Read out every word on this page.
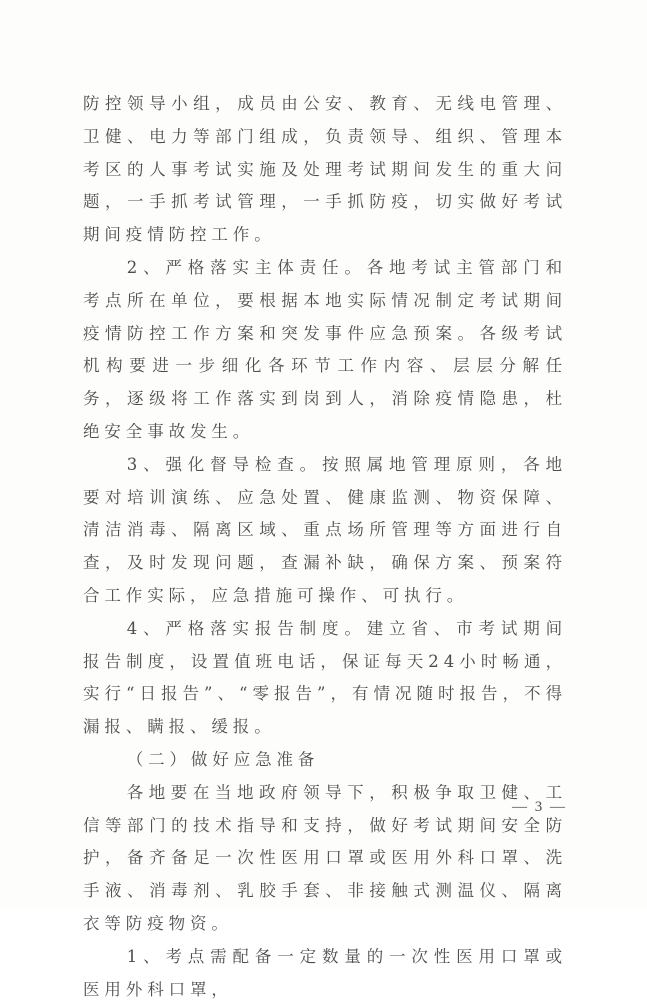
防控领导小组，成员由公安、教育、无线电管理、卫健、电力等部门组成，负责领导、组织、管理本考区的人事考试实施及处理考试期间发生的重大问题，一手抓考试管理，一手抓防疫，切实做好考试期间疫情防控工作。

2、严格落实主体责任。各地考试主管部门和考点所在单位，要根据本地实际情况制定考试期间疫情防控工作方案和突发事件应急预案。各级考试机构要进一步细化各环节工作内容、层层分解任务，逐级将工作落实到岗到人，消除疫情隐患，杜绝安全事故发生。

3、强化督导检查。按照属地管理原则，各地要对培训演练、应急处置、健康监测、物资保障、清洁消毒、隔离区域、重点场所管理等方面进行自查，及时发现问题，查漏补缺，确保方案、预案符合工作实际，应急措施可操作、可执行。

4、严格落实报告制度。建立省、市考试期间报告制度，设置值班电话，保证每天24小时畅通，实行“日报告”、“零报告”，有情况随时报告，不得漏报、瞒报、缓报。

（二）做好应急准备

各地要在当地政府领导下，积极争取卫健、工信等部门的技术指导和支持，做好考试期间安全防护，备齐备足一次性医用口罩或医用外科口罩、洗手液、消毒剂、乳胶手套、非接触式测温仪、隔离衣等防疫物资。

1、考点需配备一定数量的一次性医用口罩或医用外科口罩，

— 3 —
